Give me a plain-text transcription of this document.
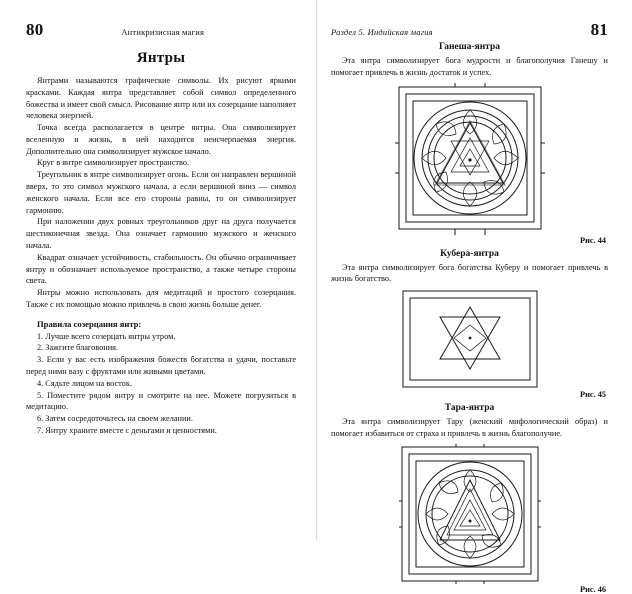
80	Антикризисная магия
Янтры

Янтрами называются графические символы. Их рисуют яркими красками. Каждая янтра представляет собой символ определенного божества и имеет свой смысл. Рисование янтр или их созерцание наполняет человека энергией.

Точка всегда располагается в центре янтры. Она символизирует вселенную и жизнь, в ней находится неисчерпаемая энергия. Дополнительно она символизирует мужское начало.

Круг в янтре символизирует пространство.

Треугольник в янтре символизирует огонь. Если он направлен вершиной вверх, то это символ мужского начала, а если вершиной вниз — символ женского начала. Если все его стороны равны, то он символизирует гармонию.

При наложении двух ровных треугольников друг на друга получается шестиконечная звезда. Она означает гармонию мужского и женского начала.

Квадрат означает устойчивость, стабильность. Он обычно ограничивает янтру и обозначает используемое пространство, а также четыре стороны света.

Янтры можно использовать для медитаций и простого созерцания. Также с их помощью можно привлечь в свою жизнь больше денег.

Правила созерцания янтр:
1. Лучше всего созерцать янтры утром.
2. Зажгите благовония.
3. Если у вас есть изображения божеств богатства и удачи, поставьте перед нимн вазу с фруктами или живыми цветами.
4. Сядьте лицом на восток.
5. Поместите рядом янтру и смотрите на нее. Можете погрузиться в медитацию.
6. Затем сосредоточьтесь на своем желании.
7. Янтру храните вместе с деньгами и ценностями.
Раздел 5. Индийская магия	81
Ганеша-янтра

Эта янтра символизирует бога мудрости и благополучия Ганешу и помогает привлечь в жизнь достаток и успех.

Рис. 44
Кубера-янтра

Эта янтра символизирует бога богатства Куберу и помогает привлечь в жизнь богатство.

Рис. 45
Тара-янтра

Эта янтра символизирует Тару (женский мифологический образ) и помогает избавиться от страха и привлечь в жизнь благополучие.

Рис. 46
